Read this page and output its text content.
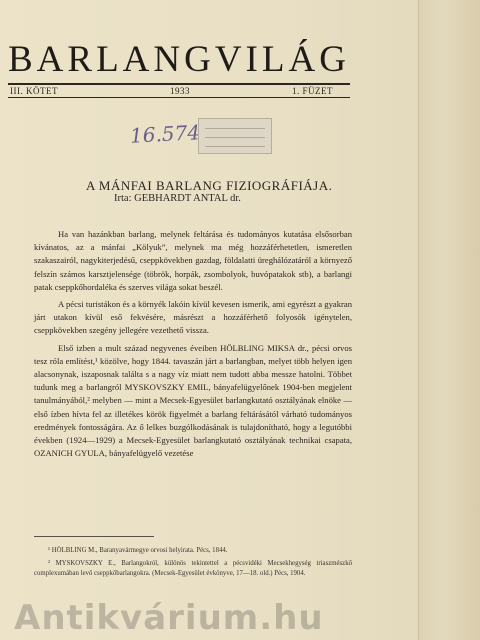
BARLANGVILÁG
III. KÖTET	1933	1. FÜZET
16.574
A MÁNFAI BARLANG FIZIOGRÁFIÁJA.
Irta: GEBHARDT ANTAL dr.

Ha van hazánkban barlang, melynek feltárása és tudományos kutatása elsősorban kívánatos, az a mánfai „Kölyuk”, melynek ma még hozzáférhetetlen, ismeretlen szakaszairól, nagykiterjedésű, cseppkövekben gazdag, földalatti üreghálózatáról a környező felszín számos karsztjelensége (töbrök, horpák, zsombolyok, buvópatakok stb), a barlangi patak cseppkőhordaléka és szerves világa sokat beszél.

A pécsi turistákon és a környék lakóin kívül kevesen ismerik, ami egyrészt a gyakran járt utakon kívül eső fekvésére, másrészt a hozzáférhető folyosók igénytelen, cseppkövekben szegény jellegére vezethető vissza.

Első izben a mult század negyvenes éveiben HÖLBLING MIKSA dr., pécsi orvos tesz róla említést,¹ közölve, hogy 1844. tavaszán járt a barlangban, melyet több helyen igen alacsonynak, iszaposnak találta s a nagy víz miatt nem tudott abba messze hatolni. Többet tudunk meg a barlangról MYSKOVSZKY EMIL, bányafelügyelőnek 1904-ben megjelent tanulmányából,² melyben — mint a Mecsek-Egyesület barlangkutató osztályának elnöke — első ízben hívta fel az illetékes körök figyelmét a barlang feltárásától várható tudományos eredmények fontosságára. Az ő lelkes buzgólkodásának is tulajdonítható, hogy a legutóbbi években (1924—1929) a Mecsek-Egyesület barlangkutató osztályának technikai csapata, OZANICH GYULA, bányafelügyelő vezetése

¹ HÖLBLING M., Baranyavármegye orvosi helyirata. Pécs, 1844.

² MYSKOVSZKY E., Barlangokról, különös tekintettel a pécsvidéki Mecsekhegység triaszmészkő complexumában levő cseppkőbarlangokra. (Mecsek-Egyesület évkönyve, 17—18. old.) Pécs, 1904.

Antikvárium.hu
